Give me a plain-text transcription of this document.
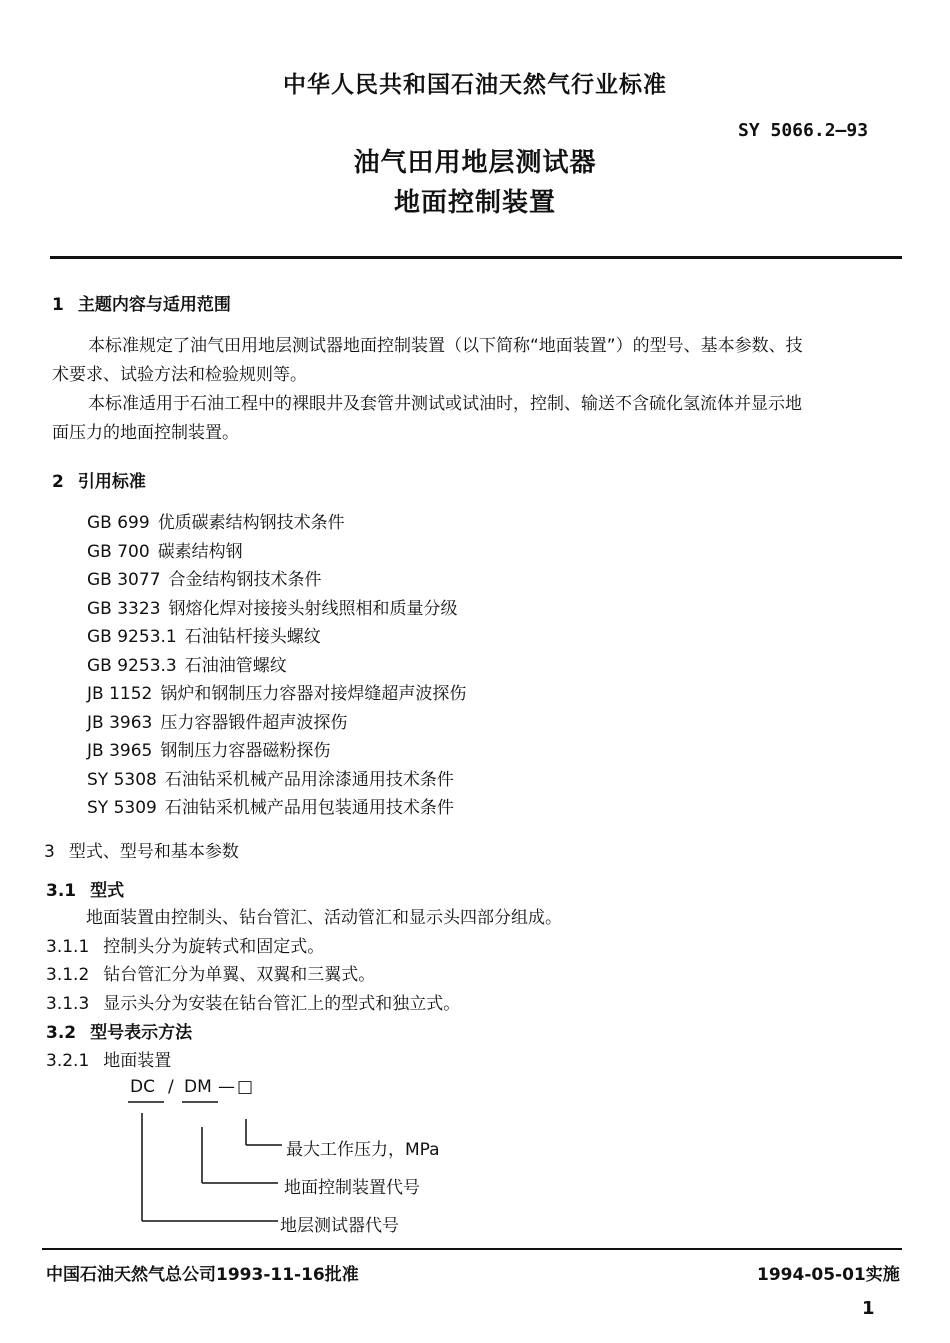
中华人民共和国石油天然气行业标准
SY 5066.2—93
油气田用地层测试器
地面控制装置
1 主题内容与适用范围
本标准规定了油气田用地层测试器地面控制装置（以下简称“地面装置”）的型号、基本参数、技
术要求、试验方法和检验规则等。
本标准适用于石油工程中的裸眼井及套管井测试或试油时，控制、输送不含硫化氢流体并显示地
面压力的地面控制装置。
2 引用标准
GB 699 优质碳素结构钢技术条件
GB 700 碳素结构钢
GB 3077 合金结构钢技术条件
GB 3323 钢熔化焊对接接头射线照相和质量分级
GB 9253.1 石油钻杆接头螺纹
GB 9253.3 石油油管螺纹
JB 1152 锅炉和钢制压力容器对接焊缝超声波探伤
JB 3963 压力容器锻件超声波探伤
JB 3965 钢制压力容器磁粉探伤
SY 5308 石油钻采机械产品用涂漆通用技术条件
SY 5309 石油钻采机械产品用包装通用技术条件
3 型式、型号和基本参数
3.1 型式
地面装置由控制头、钻台管汇、活动管汇和显示头四部分组成。
3.1.1 控制头分为旋转式和固定式。
3.1.2 钻台管汇分为单翼、双翼和三翼式。
3.1.3 显示头分为安装在钻台管汇上的型式和独立式。
3.2 型号表示方法
3.2.1 地面装置
DC / DM — □
最大工作压力，MPa
地面控制装置代号
地层测试器代号
中国石油天然气总公司1993-11-16批准	1994-05-01实施
1
